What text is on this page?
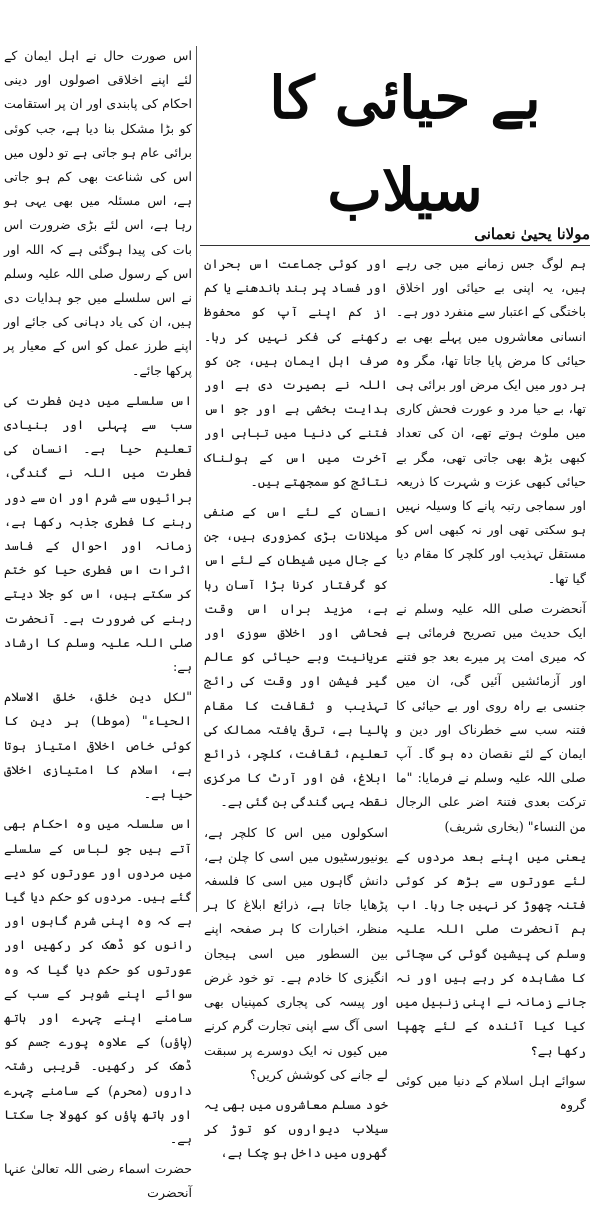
اس صورت حال نے اہل ایمان کے لئے اپنے اخلاقی اصولوں اور دینی احکام کی پابندی اور ان پر استقامت کو بڑا مشکل بنا دیا ہے، جب کوئی برائی عام ہو جاتی ہے تو دلوں میں اس کی شناعت بھی کم ہو جاتی ہے، اس مسئلہ میں بھی یہی ہو رہا ہے، اس لئے بڑی ضرورت اس بات کی پیدا ہوگئی ہے کہ اللہ اور اس کے رسول صلی اللہ علیہ وسلم نے اس سلسلے میں جو ہدایات دی ہیں، ان کی یاد دہانی کی جائے اور اپنے طرز عمل کو اس کے معیار پر پرکھا جائے۔

اس سلسلے میں دین فطرت کی سب سے پہلی اور بنیادی تعلیم حیا ہے۔ انسان کی فطرت میں اللہ نے گندگی، برائیوں سے شرم اور ان سے دور رہنے کا فطری جذبہ رکھا ہے، زمانہ اور احوال کے فاسد اثرات اس فطری حیا کو ختم کر سکتے ہیں، اس کو جلا دیتے رہنے کی ضرورت ہے۔ آنحضرت صلی اللہ علیہ وسلم کا ارشاد ہے:

"لکل دین خلق، خلق الاسلام الحیاء" (موطا) ہر دین کا کوئی خاص اخلاقی امتیاز ہوتا ہے، اسلام کا امتیازی اخلاق حیا ہے۔

اس سلسلہ میں وہ احکام بھی آتے ہیں جو لباس کے سلسلے میں مردوں اور عورتوں کو دیے گئے ہیں۔ مردوں کو حکم دیا گیا ہے کہ وہ اپنی شرم گاہوں اور رانوں کو ڈھک کر رکھیں اور عورتوں کو حکم دیا گیا کہ وہ سوائے اپنے شوہر کے سب کے سامنے اپنے چہرے اور ہاتھ (پاؤں) کے علاوہ پورے جسم کو ڈھک کر رکھیں۔ قریبی رشتہ داروں (محرم) کے سامنے چہرے اور ہاتھ پاؤں کو کھولا جا سکتا ہے۔

حضرت اسماء رضی اللہ تعالیٰ عنہا آنحضرت

بے حیائی کا سیلاب
مولانا یحییٰ نعمانی

اور کوئی جماعت اس بحران اور فساد پر بند باندھنے یا کم از کم اپنے آپ کو محفوظ رکھنے کی فکر نہیں کر رہا۔ صرف اہل ایمان ہیں، جن کو اللہ نے بصیرت دی ہے اور ہدایت بخشی ہے اور جو اس فتنے کی دنیا میں تباہی اور آخرت میں اس کے ہولناک نتائج کو سمجھتے ہیں۔

انسان کے لئے اس کے صنفی میلانات بڑی کمزوری ہیں، جن کے جال میں شیطان کے لئے اس کو گرفتار کرنا بڑا آسان رہا ہے، مزید براں اس وقت فحاشی اور اخلاق سوزی اور عریانیت وبے حیائی کو عالم گیر فیشن اور وقت کی رائج تہذیب و ثقافت کا مقام پالیا ہے، ترقی یافتہ ممالک کی تعلیم، ثقافت، کلچر، ذرائع ابلاغ، فن اور آرٹ کا مرکزی نقطہ یہی گندگی بن گئی ہے۔

اسکولوں میں اس کا کلچر ہے، یونیورسٹیوں میں اسی کا چلن ہے، دانش گاہوں میں اسی کا فلسفہ پڑھایا جاتا ہے، ذرائع ابلاغ کا ہر منظر، اخبارات کا ہر صفحہ اپنے بین السطور میں اسی ہیجان انگیزی کا خادم ہے۔ تو خود غرض اور پیسہ کی پجاری کمپنیاں بھی اسی آگ سے اپنی تجارت گرم کرنے میں کیوں نہ ایک دوسرے پر سبقت لے جانے کی کوشش کریں؟

خود مسلم معاشروں میں بھی یہ سیلاب دیواروں کو توڑ کر گھروں میں داخل ہو چکا ہے،

ہم لوگ جس زمانے میں جی رہے ہیں، یہ اپنی بے حیائی اور اخلاق باختگی کے اعتبار سے منفرد دور ہے۔ انسانی معاشروں میں پہلے بھی بے حیائی کا مرض پایا جاتا تھا، مگر وہ ہر دور میں ایک مرض اور برائی ہی تھا، بے حیا مرد و عورت فحش کاری میں ملوث ہوتے تھے، ان کی تعداد کبھی بڑھ بھی جاتی تھی، مگر بے حیائی کبھی عزت و شہرت کا ذریعہ اور سماجی رتبہ پانے کا وسیلہ نہیں ہو سکتی تھی اور نہ کبھی اس کو مستقل تہذیب اور کلچر کا مقام دیا گیا تھا۔

آنحضرت صلی اللہ علیہ وسلم نے ایک حدیث میں تصریح فرمائی ہے کہ میری امت پر میرے بعد جو فتنے اور آزمائشیں آئیں گی، ان میں جنسی بے راہ روی اور بے حیائی کا فتنہ سب سے خطرناک اور دین و ایمان کے لئے نقصان دہ ہو گا۔ آپ صلی اللہ علیہ وسلم نے فرمایا: "ما ترکت بعدی فتنۃ اضر علی الرجال من النساء" (بخاری شریف)

یعنی میں اپنے بعد مردوں کے لئے عورتوں سے بڑھ کر کوئی فتنہ چھوڑ کر نہیں جا رہا۔ اب ہم آنحضرت صلی اللہ علیہ وسلم کی پیشین گوئی کی سچائی کا مشاہدہ کر رہے ہیں اور نہ جانے زمانہ نے اپنی زنبیل میں کیا کیا آئندہ کے لئے چھپا رکھا ہے؟

سوائے اہل اسلام کے دنیا میں کوئی گروہ
